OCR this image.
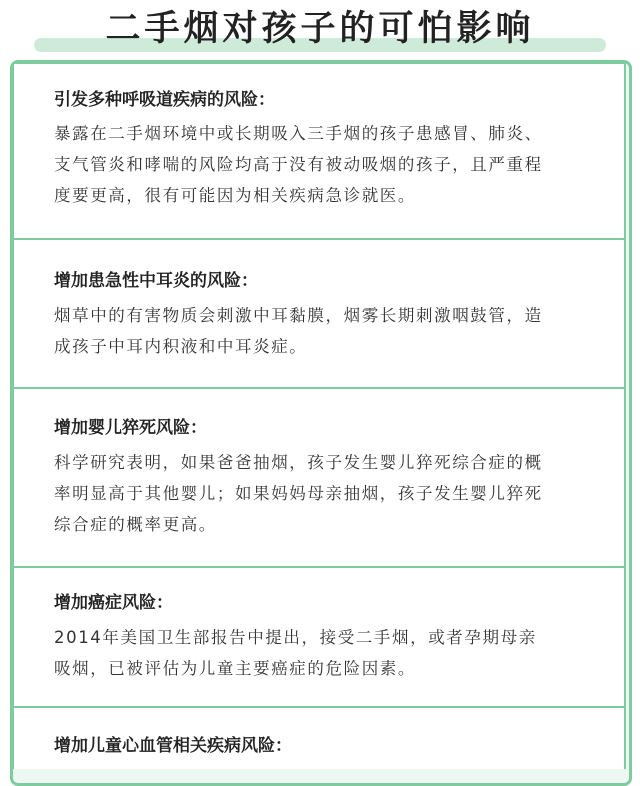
二手烟对孩子的可怕影响
引发多种呼吸道疾病的风险：
暴露在二手烟环境中或长期吸入三手烟的孩子患感冒、肺炎、
支气管炎和哮喘的风险均高于没有被动吸烟的孩子，且严重程
度要更高，很有可能因为相关疾病急诊就医。
增加患急性中耳炎的风险：
烟草中的有害物质会刺激中耳黏膜，烟雾长期刺激咽鼓管，造
成孩子中耳内积液和中耳炎症。
增加婴儿猝死风险：
科学研究表明，如果爸爸抽烟，孩子发生婴儿猝死综合症的概
率明显高于其他婴儿；如果妈妈母亲抽烟，孩子发生婴儿猝死
综合症的概率更高。
增加癌症风险：
2014年美国卫生部报告中提出，接受二手烟，或者孕期母亲
吸烟，已被评估为儿童主要癌症的危险因素。
增加儿童心血管相关疾病风险：
